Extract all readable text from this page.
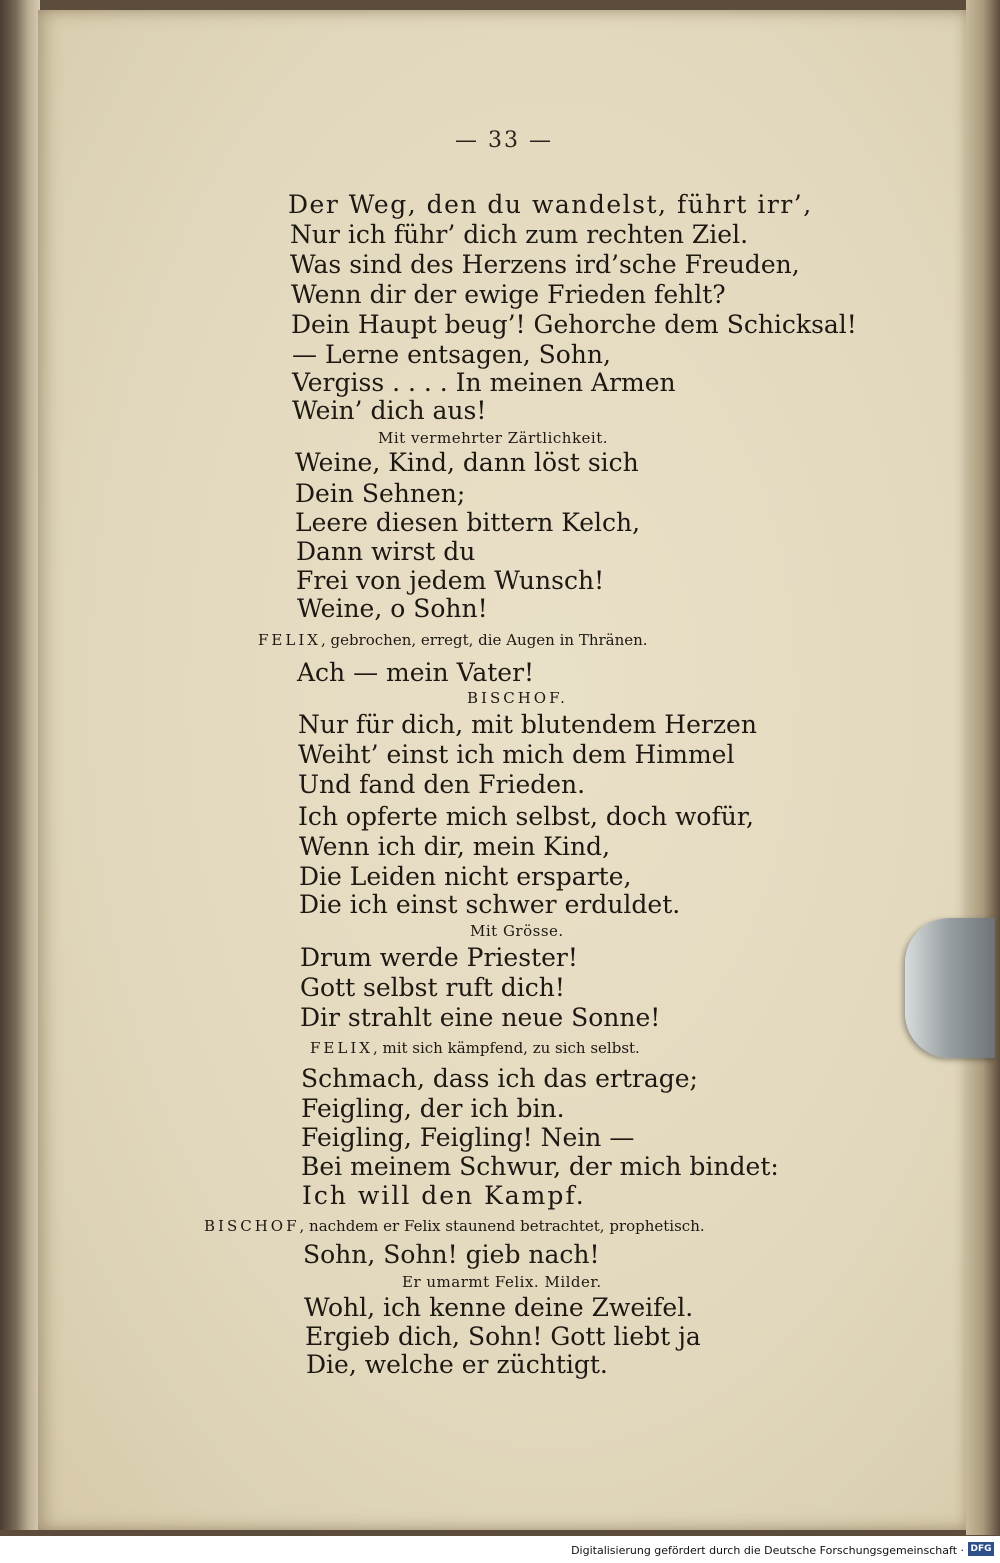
— 33 —
Der Weg, den du wandelst, führt irr’,
Nur ich führ’ dich zum rechten Ziel.
Was sind des Herzens ird’sche Freuden,
Wenn dir der ewige Frieden fehlt?
Dein Haupt beug’! Gehorche dem Schicksal!
— Lerne entsagen, Sohn,
Vergiss . . . . In meinen Armen
Wein’ dich aus!
Mit vermehrter Zärtlichkeit.
Weine, Kind, dann löst sich
Dein Sehnen;
Leere diesen bittern Kelch,
Dann wirst du
Frei von jedem Wunsch!
Weine, o Sohn!
FELIX, gebrochen, erregt, die Augen in Thränen.
Ach — mein Vater!
BISCHOF.
Nur für dich, mit blutendem Herzen
Weiht’ einst ich mich dem Himmel
Und fand den Frieden.
Ich opferte mich selbst, doch wofür,
Wenn ich dir, mein Kind,
Die Leiden nicht ersparte,
Die ich einst schwer erduldet.
Mit Grösse.
Drum werde Priester!
Gott selbst ruft dich!
Dir strahlt eine neue Sonne!
FELIX, mit sich kämpfend, zu sich selbst.
Schmach, dass ich das ertrage;
Feigling, der ich bin.
Feigling, Feigling! Nein —
Bei meinem Schwur, der mich bindet:
Ich will den Kampf.
BISCHOF, nachdem er Felix staunend betrachtet, prophetisch.
Sohn, Sohn! gieb nach!
Er umarmt Felix. Milder.
Wohl, ich kenne deine Zweifel.
Ergieb dich, Sohn! Gott liebt ja
Die, welche er züchtigt.
Digitalisierung gefördert durch die Deutsche Forschungsgemeinschaft · DFG
